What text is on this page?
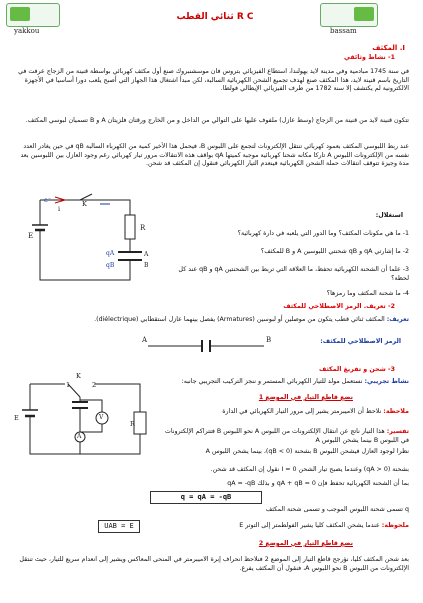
yakkou
ثنائي القطب R C
bassam
I. المكثف
1- نشاط وثائقي
في سنة 1745 مبادمية وفي مدينة لايد بهولندا، استطاع الفيزيائي بتروس فان موسشنبروك صنع أول مكثف كهربائي بواسطة قنينة من الزجاج عرفت في التاريخ باسم قنينة لايد، هذا المكثف صنع لهدف تجميع الشحن الكهربائية السالبة، لكن مبدأ اشتغال هذا الجهاز التي أصبح يلعب دورا أساسيا في الأجهزة الالكترونية لم يكتشف إلا سنة 1782 من طرف الفيزيائي الإيطالي فولطا.
تتكون قنينة لايد من قنينة من الزجاج (وسط عازل) ملفوف عليها على التوالي من الداخل و من الخارج ورقتان فلزيتان A و B تسميان لبوسي المكثف.
عند ربط اللبوسي المكثف بعمود كهربائي تنتقل الإلكترونات لتجمع على اللبوس B، فيحمل هذا الأخير كمية من الكهرباء السالبة qB في حين يغادر العدد نفسه من الإلكترونات اللبوس A تاركا مكانه شحنا كهربائية موجبة كميتها qA بواقف هذه الانتقالات مرور تيار كهربائي رغم وجود العازل بين اللبوسين بعد مدة وجيزة تتوقف انتقالات حملة الشحن الكهربائية فينعدم التيار الكهربائي فنقول إن المكثف قد شحن.
e⁻
i
K
E
R
qA
qB
A
B
استغلال:
1- ما هي مكونات المكثف؟ وما الدور التي يلعبه في دارة كهربائية؟
2- ما إشارتي qA و qB شحنتي اللبوسين A و B للمكثف؟
3- علما أن الشحنة الكهربائية تحفظ، ما العلاقة التي تربط بين الشحنتين qA و qB عند كل لحظة؟
4- ما شحنة المكثف وما رمزها؟
2- تعريف. الرمز الاصطلاحي للمكثف
تعريف: المكثف ثنائي قطب يتكون من موصلين أو لبوسين (Armatures) يفصل بينهما عازل استقطابي (diélectrique).
الرمز الاصطلاحي للمكثف:
A	B
3- شحن و تفريغ المكثف
نشاط تجريبي: نستعمل مولد للتيار الكهربائي المستمر و ننجز التركيب التجريبي جانبه:
K
1	2
V
A
R
E
نضع قاطع التيار في الموضع 1
ملاحظة: نلاحظ أن الاميبرمتر يشير إلى مرور التيار الكهربائي في الدارة
تفسير: هذا التيار ناتج عن انتقال الإلكترونات من اللبوس A نحو اللبوس B فتتراكم الإلكترونات في اللبوس B بينما يشحن اللبوس A
نظرا لوجود العازل فيشحن اللبوس B بشحنة (qB < 0)، بينما يشحن اللبوس A
بشحنة (qA > 0) وعندما يصبح تيار الشحن I = 0 نقول إن المكثف قد شحن.
بما أن الشحنة الكهربائية تحفظ فإن qA + qB = 0 و بذلك qA = -qB
q = qA = -qB
q تسمى شحنة اللبوس الموجب و تسمى شحنة المكثف
ملحوظة: عندما يشحن المكثف كليا يشير الفولطمتر إلى التوتر E
UAB = E
نضع قاطع التيار في الموضع 2
بعد شحن المكثف كليا، نؤرجح قاطع التيار إلى الموضع 2 فنلاحظ انحراف إبرة الاميبرمتر في المنحى المعاكس ويشير إلى انعدام سريع للتيار، حيث تنتقل الإلكترونات من اللبوس B نحو اللبوس A، فنقول أن المكثف يفرغ.
